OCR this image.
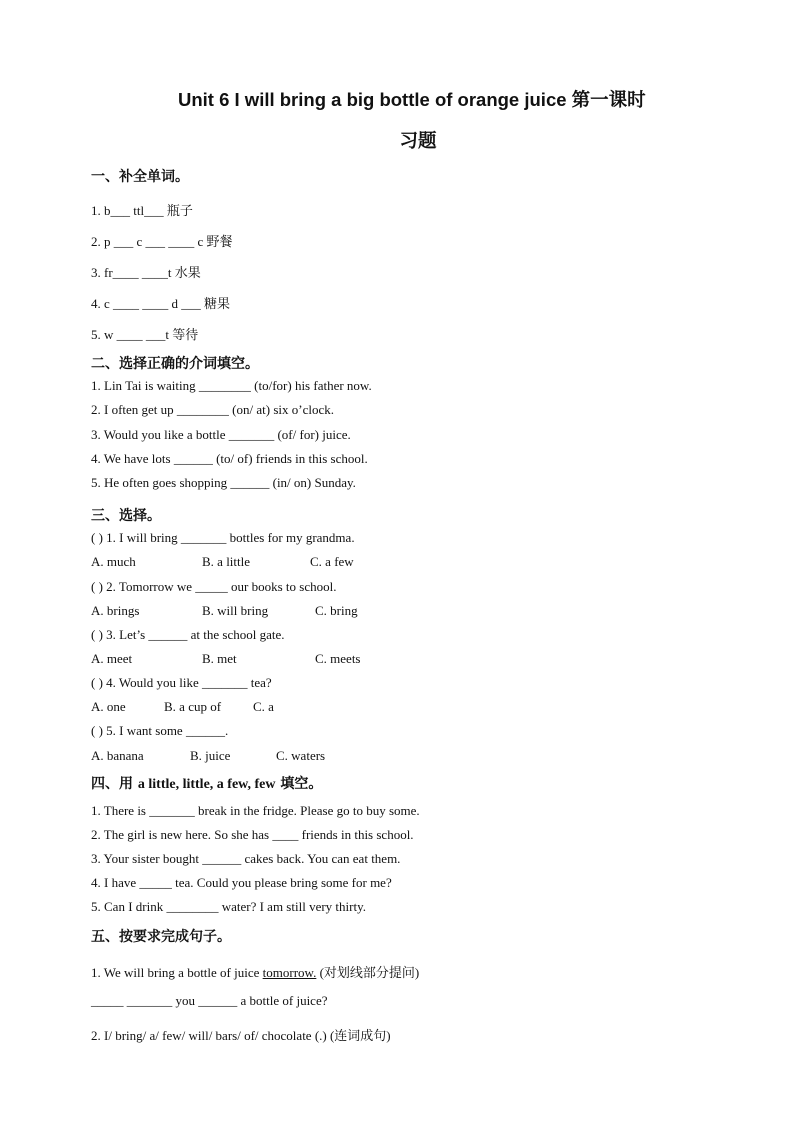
Unit 6 I will bring a big bottle of orange juice 第一课时
习题
一、补全单词。
1. b___ ttl___ 瓶子
2. p ___ c ___ ____ c 野餐
3. fr____ ____t 水果
4. c ____ ____ d ___ 糖果
5. w ____ ___t 等待
二、选择正确的介词填空。
1. Lin Tai is waiting ________ (to/for) his father now.
2. I often get up ________ (on/ at) six o’clock.
3. Would you like a bottle _______ (of/ for) juice.
4. We have lots ______ (to/ of) friends in this school.
5. He often goes shopping ______ (in/ on) Sunday.
三、选择。
( ) 1. I will bring _______ bottles for my grandma.
A. much	B. a little	C. a few
( ) 2. Tomorrow we _____ our books to school.
A. brings	B. will bring	C. bring
( ) 3. Let’s ______ at the school gate.
A. meet	B. met	C. meets
( ) 4. Would you like _______ tea?
A. one	B. a cup of C. a
( ) 5. I want some ______.
A. banana	B. juice	C. waters
四、用 a little, little, a few, few 填空。
1. There is _______ break in the fridge. Please go to buy some.
2. The girl is new here. So she has ____ friends in this school.
3. Your sister bought ______ cakes back. You can eat them.
4. I have _____ tea. Could you please bring some for me?
5. Can I drink ________ water? I am still very thirty.
五、按要求完成句子。
1. We will bring a bottle of juice tomorrow. (对划线部分提问)
_____ _______ you ______ a bottle of juice?
2. I/ bring/ a/ few/ will/ bars/ of/ chocolate (.) (连词成句)
